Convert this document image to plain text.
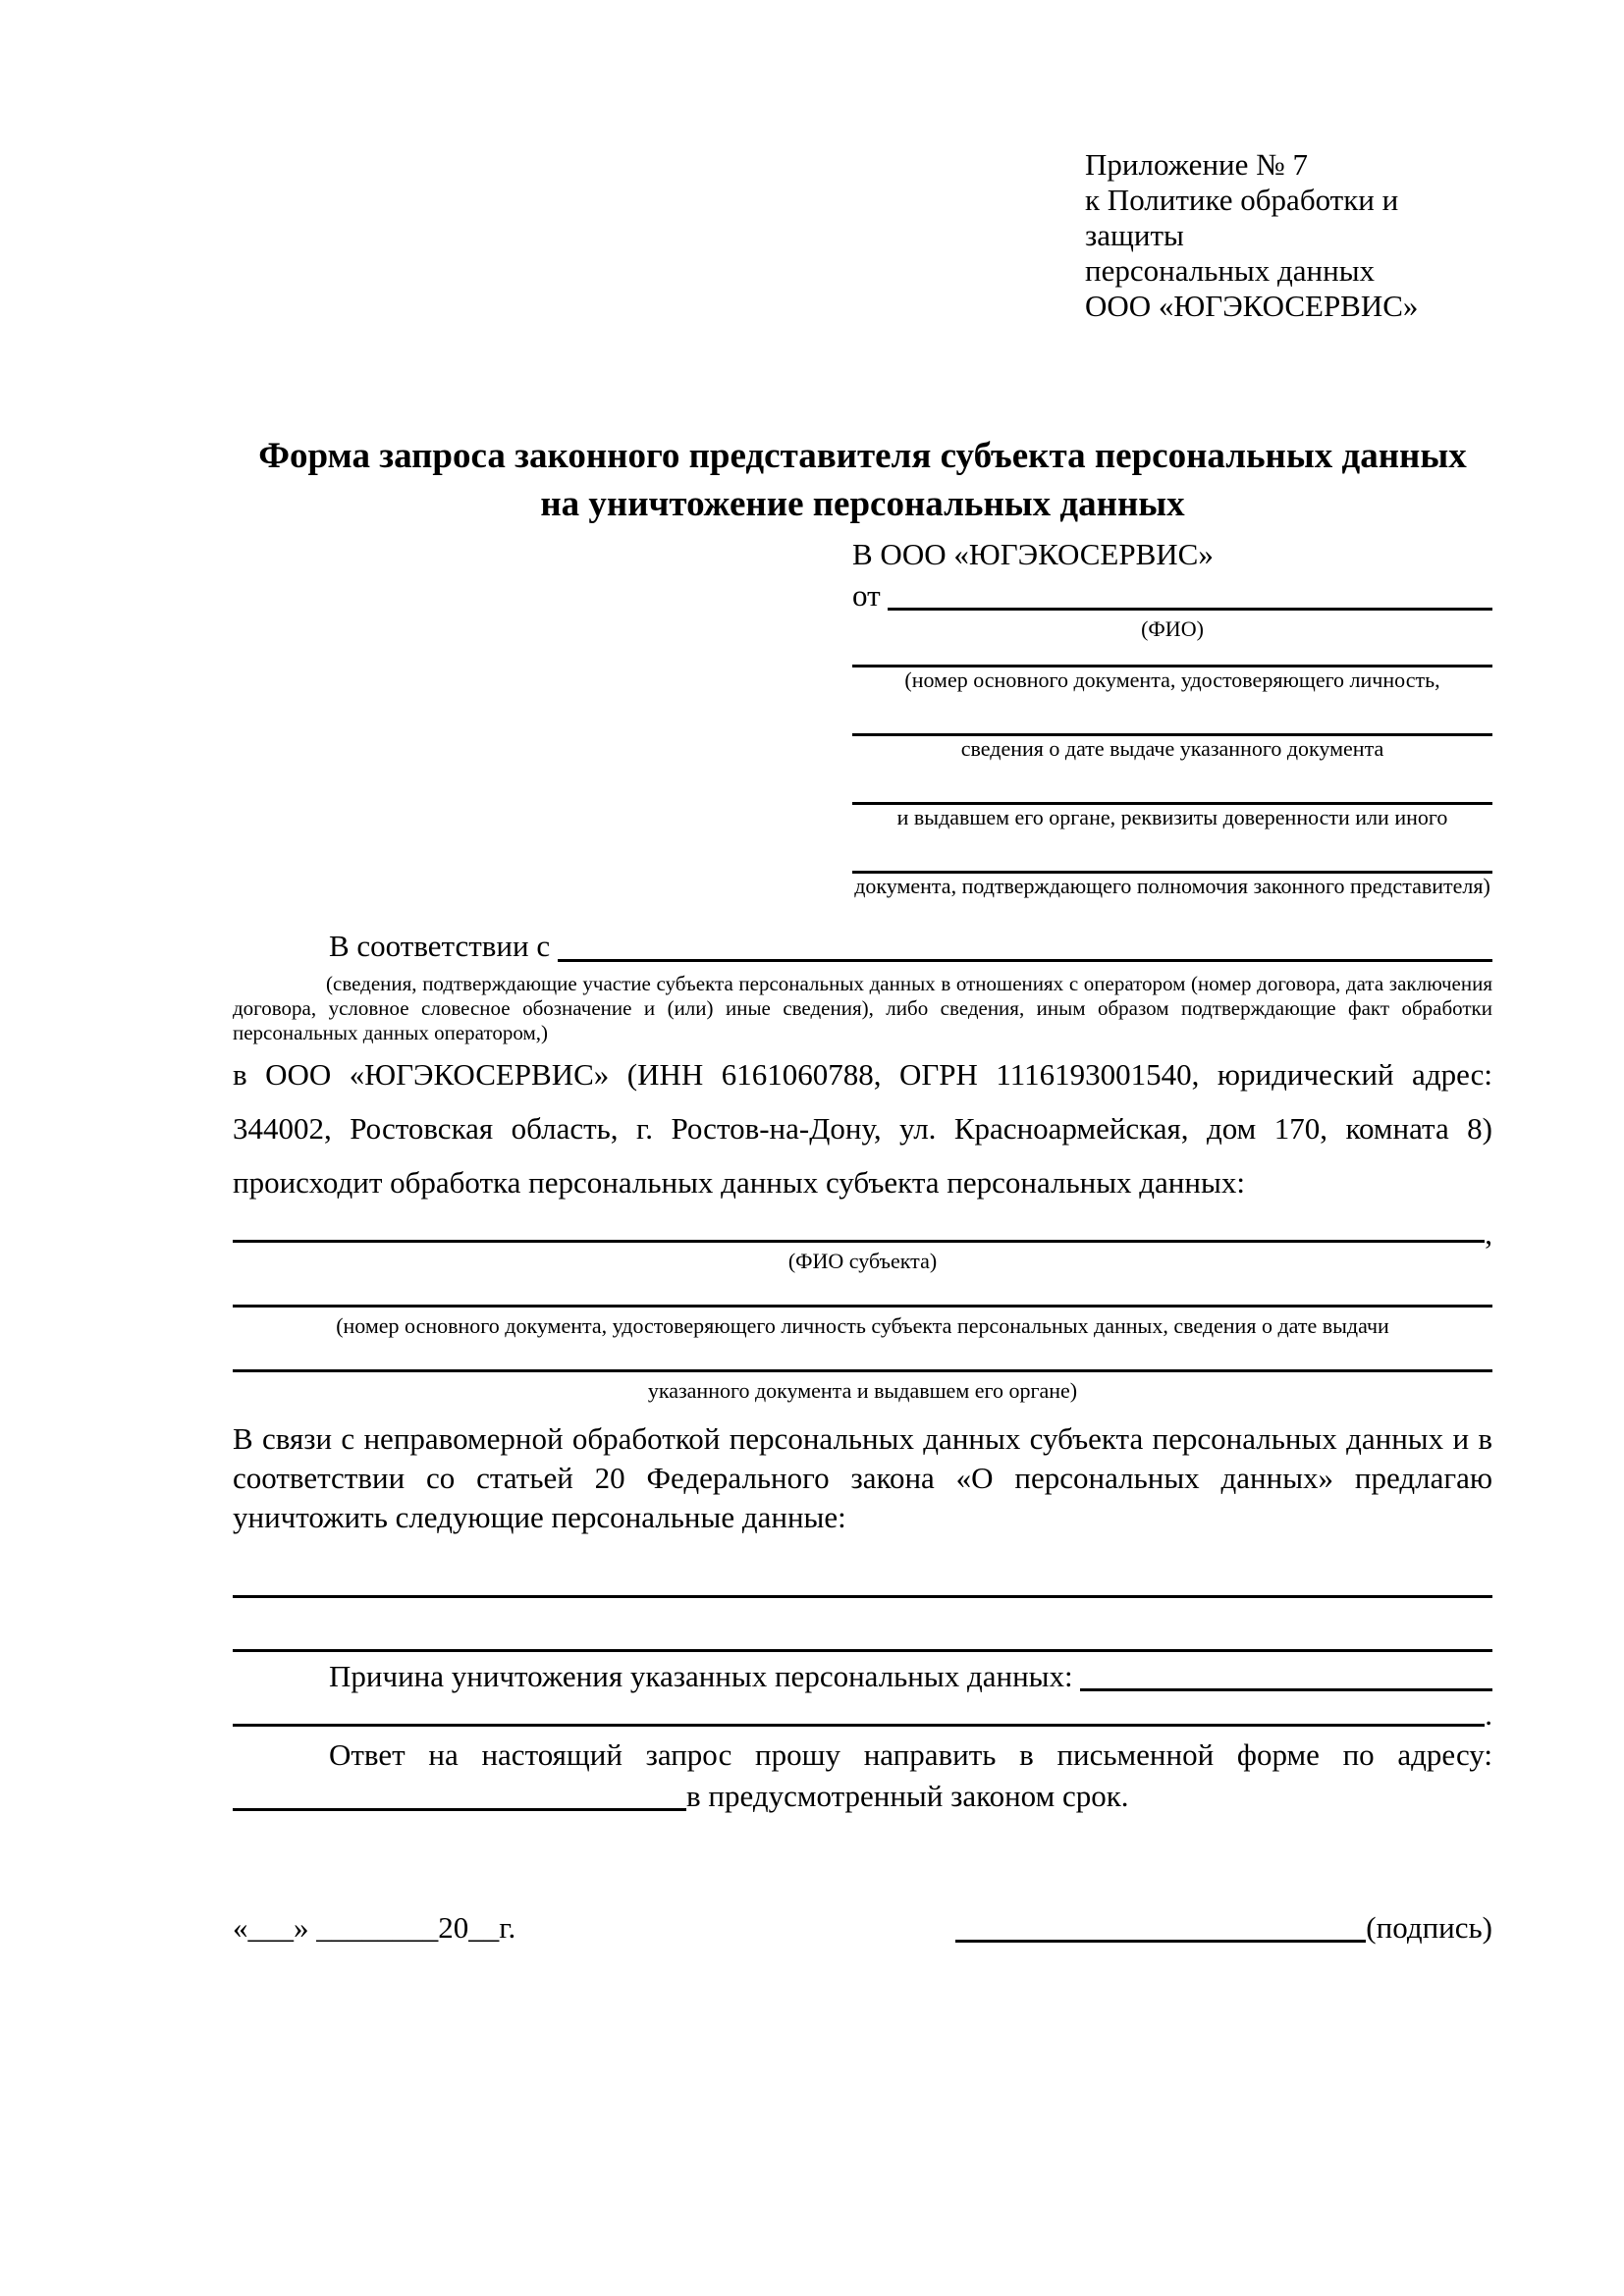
Приложение № 7
к Политике обработки и защиты
персональных данных
ООО «ЮГЭКОСЕРВИС»
Форма запроса законного представителя субъекта персональных данных
на уничтожение персональных данных
В ООО «ЮГЭКОСЕРВИС»
от

(ФИО)
(номер основного документа, удостоверяющего личность,
сведения о дате выдаче указанного документа
и выдавшем его органе, реквизиты доверенности или иного
документа, подтверждающего полномочия законного представителя)
В соответствии с

(сведения, подтверждающие участие субъекта персональных данных в отношениях с оператором (номер договора, дата заключения договора, условное словесное обозначение и (или) иные сведения), либо сведения, иным образом подтверждающие факт обработки персональных данных оператором,)

в ООО «ЮГЭКОСЕРВИС» (ИНН 6161060788, ОГРН 1116193001540, юридический адрес: 344002, Ростовская область, г. Ростов-на-Дону, ул. Красноармейская, дом 170, комната 8) происходит обработка персональных данных субъекта персональных данных:

,
(ФИО субъекта)
(номер основного документа, удостоверяющего личность субъекта персональных данных, сведения о дате выдачи
указанного документа и выдавшем его органе)

В связи с неправомерной обработкой персональных данных субъекта персональных данных и в соответствии со статьей 20 Федерального закона «О персональных данных» предлагаю уничтожить следующие персональные данные:

Причина уничтожения указанных персональных данных:

.

Ответ на настоящий запрос прошу направить в письменной форме по адресу:

в предусмотренный законом срок.
«___» ________20__г.	(подпись)
